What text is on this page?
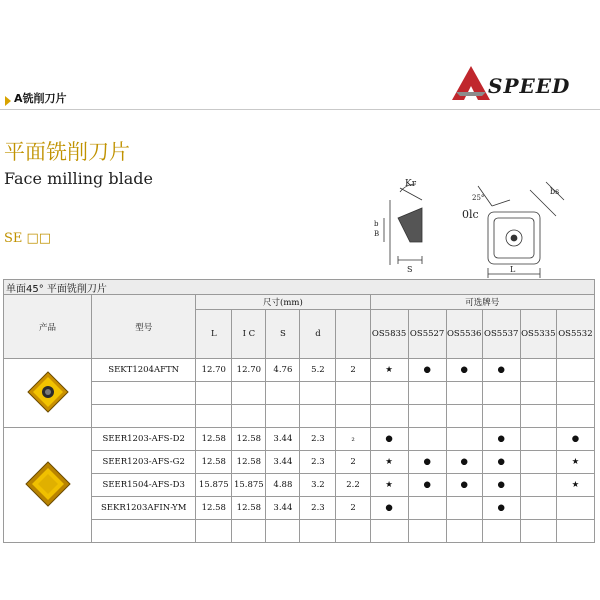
A铣削刀片
SPEED
平面铣削刀片
Face milling blade
SE □□
Kr
b
B
S
0lc
L
bs
25°
单面45° 平面铣削刀片
产品	型号	尺寸(mm)					可选牌号					
		L	I C	S	d		OS5835	OS5527	OS5536	OS5537	OS5335	OS5532
	SEKT1204AFTN	12.70	12.70	4.76	5.2	2	★	●	●	●		

	SEER1203-AFS-D2	12.58	12.58	3.44	2.3	₂	●			●		●
	SEER1203-AFS-G2	12.58	12.58	3.44	2.3	2	★	●	●	●		★
	SEER1504-AFS-D3	15.875	15.875	4.88	3.2	2.2	★	●	●	●		★
	SEKR1203AFIN-YM	12.58	12.58	3.44	2.3	2	●			●		
